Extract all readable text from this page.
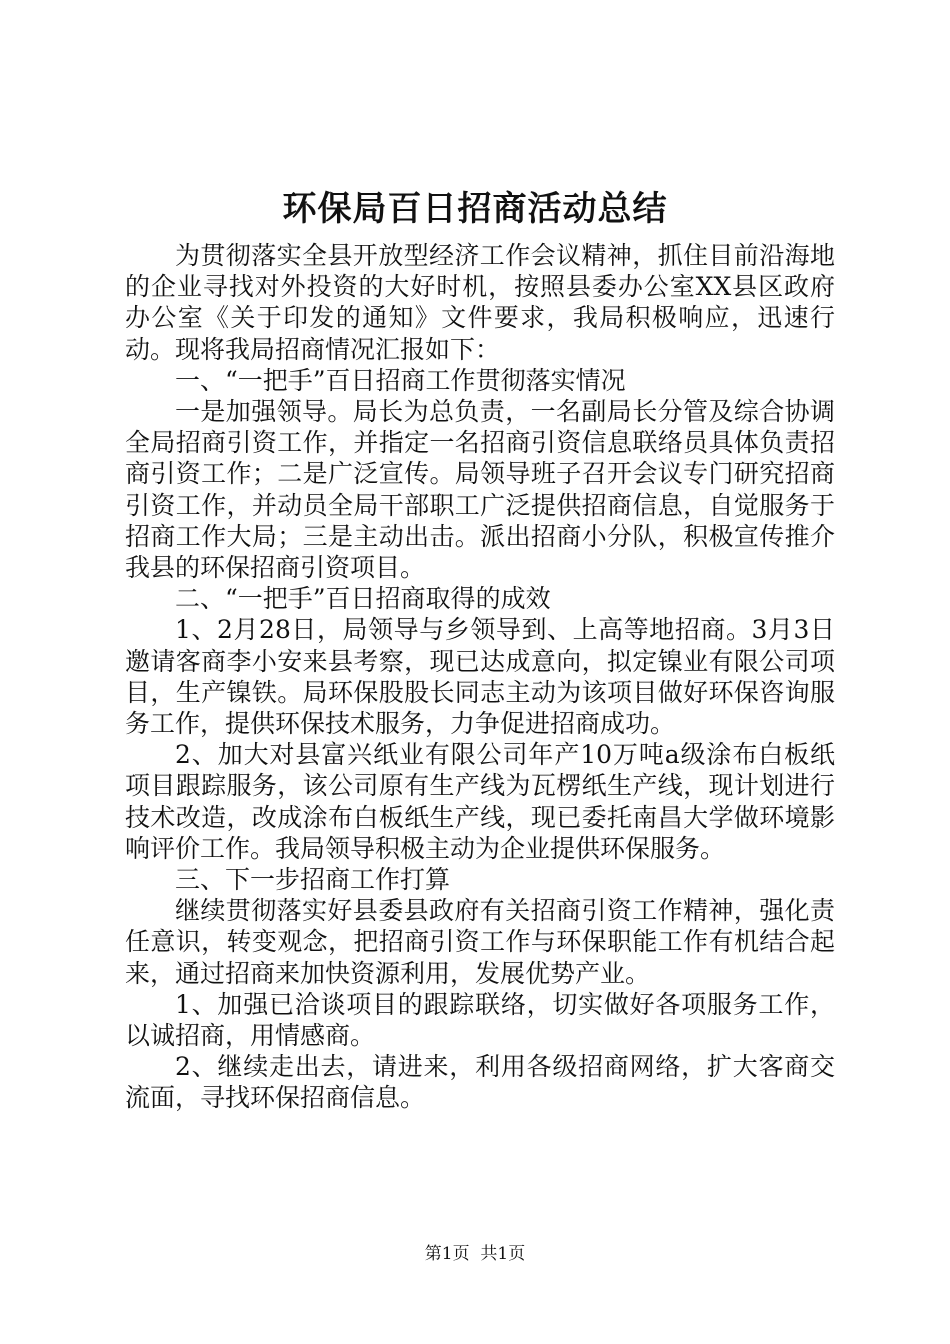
环保局百日招商活动总结

为贯彻落实全县开放型经济工作会议精神，抓住目前沿海地的企业寻找对外投资的大好时机，按照县委办公室XX县区政府办公室《关于印发的通知》文件要求，我局积极响应，迅速行动。现将我局招商情况汇报如下：

一、“一把手”百日招商工作贯彻落实情况

一是加强领导。局长为总负责，一名副局长分管及综合协调全局招商引资工作，并指定一名招商引资信息联络员具体负责招商引资工作；二是广泛宣传。局领导班子召开会议专门研究招商引资工作，并动员全局干部职工广泛提供招商信息，自觉服务于招商工作大局；三是主动出击。派出招商小分队，积极宣传推介我县的环保招商引资项目。

二、“一把手”百日招商取得的成效

1、2月28日，局领导与乡领导到、上高等地招商。3月3日邀请客商李小安来县考察，现已达成意向，拟定镍业有限公司项目，生产镍铁。局环保股股长同志主动为该项目做好环保咨询服务工作，提供环保技术服务，力争促进招商成功。

2、加大对县富兴纸业有限公司年产10万吨a级涂布白板纸项目跟踪服务，该公司原有生产线为瓦楞纸生产线，现计划进行技术改造，改成涂布白板纸生产线，现已委托南昌大学做环境影响评价工作。我局领导积极主动为企业提供环保服务。

三、下一步招商工作打算

继续贯彻落实好县委县政府有关招商引资工作精神，强化责任意识，转变观念，把招商引资工作与环保职能工作有机结合起来，通过招商来加快资源利用，发展优势产业。

1、加强已洽谈项目的跟踪联络，切实做好各项服务工作，以诚招商，用情感商。

2、继续走出去，请进来，利用各级招商网络，扩大客商交流面，寻找环保招商信息。

第1页 共1页
